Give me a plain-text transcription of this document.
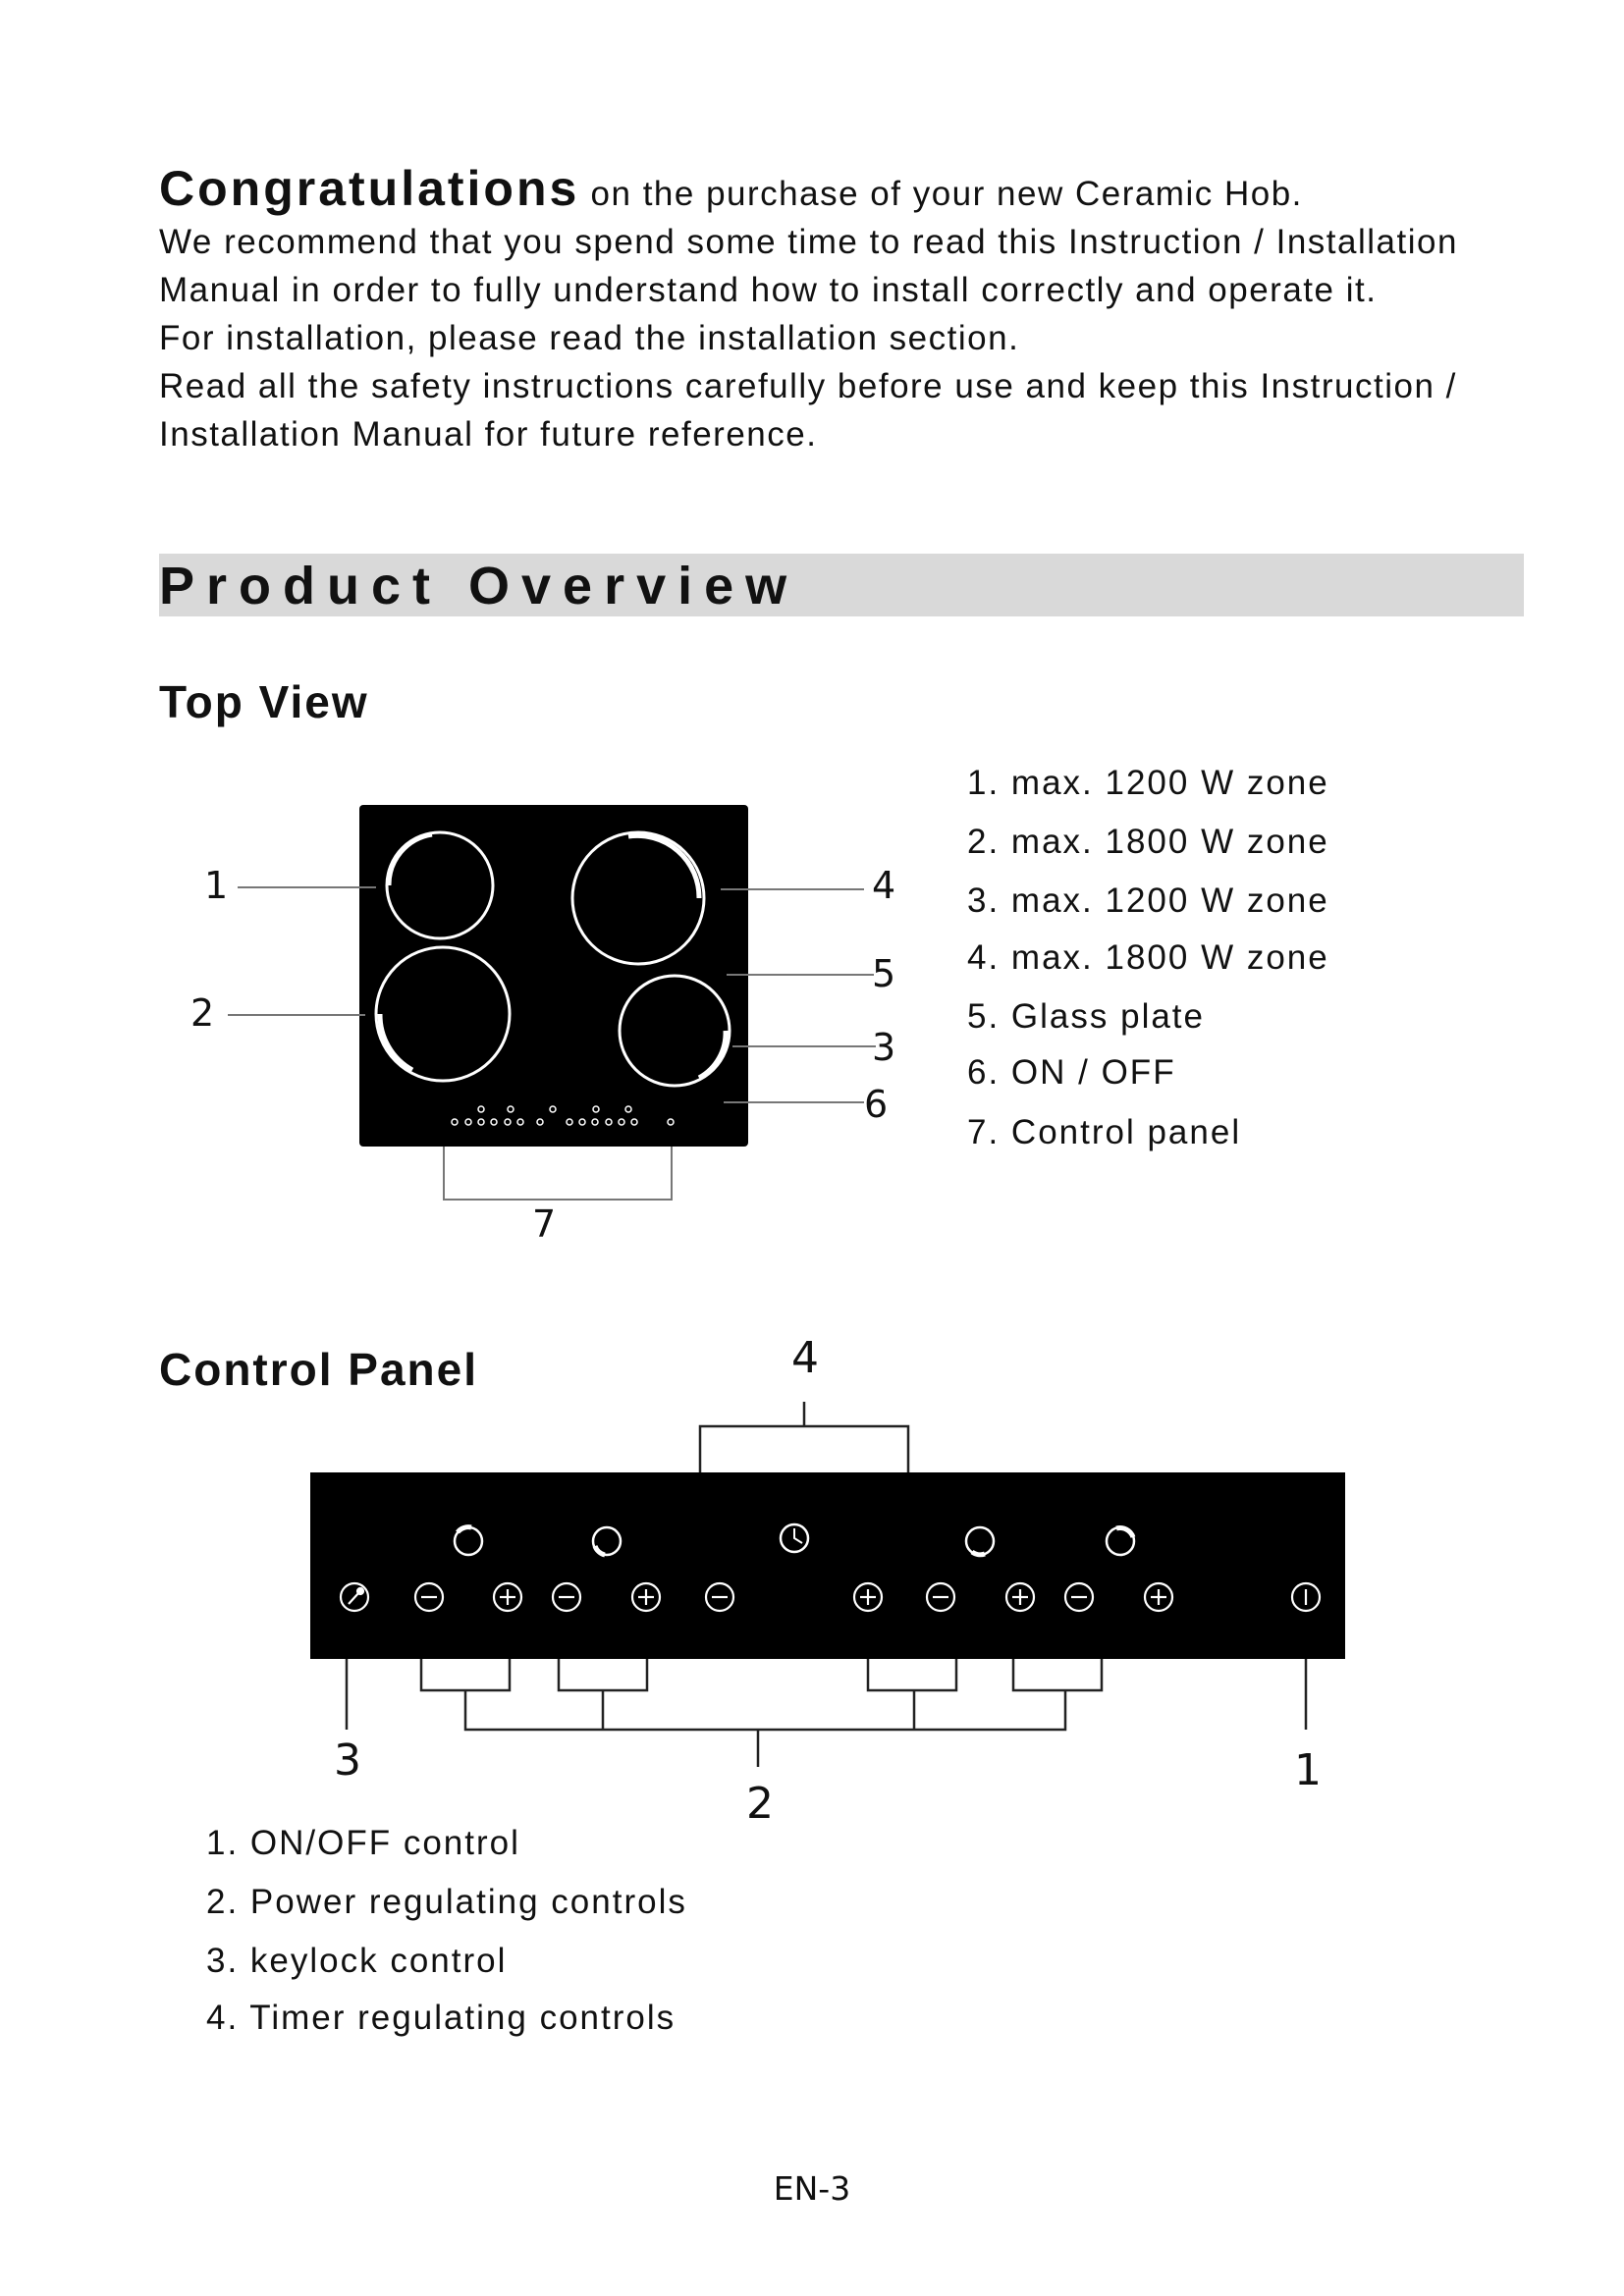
Congratulations on the purchase of your new Ceramic Hob.

We recommend that you spend some time to read this Instruction / Installation

Manual in order to fully understand how to install correctly and operate it.

For installation, please read the installation section.

Read all the safety instructions carefully before use and keep this Instruction /

Installation Manual for future reference.

Product Overview
Top View
1
2
4
5
3
6
7
1. max. 1200 W zone
2. max. 1800 W zone
3. max. 1200 W zone
4. max. 1800 W zone
5. Glass plate
6. ON / OFF
7. Control panel
Control Panel	4
3
2
1
1. ON/OFF control
2. Power regulating controls
3. keylock control
4. Timer regulating controls
EN-3
